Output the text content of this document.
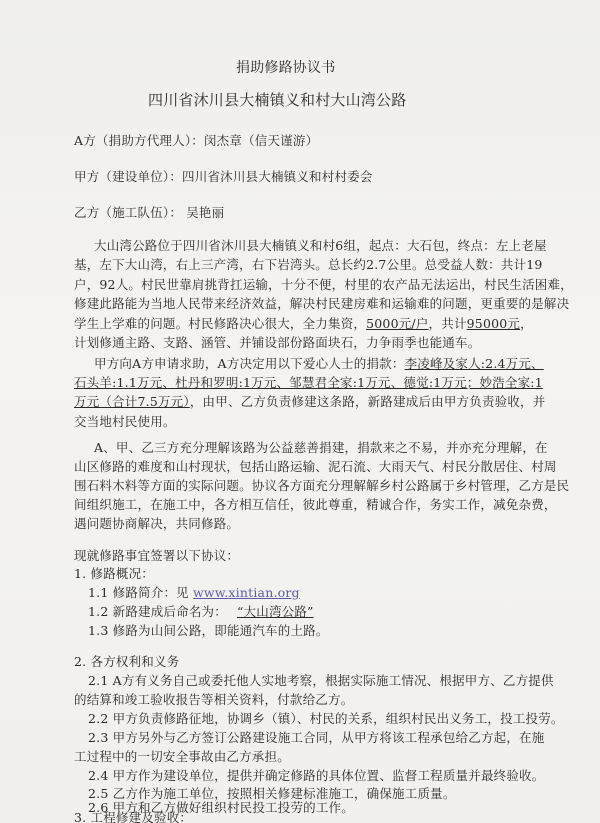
捐助修路协议书
四川省沐川县大楠镇义和村大山湾公路
A方（捐助方代理人）：闵杰章（信天谨游）
甲方（建设单位）：四川省沐川县大楠镇义和村村委会
乙方（施工队伍）： 吴艳丽
大山湾公路位于四川省沐川县大楠镇义和村6组，起点：大石包，终点：左上老屋
基，左下大山湾，右上三产湾，右下岩湾头。总长约2.7公里。总受益人数：共计19
户，92人。村民世靠肩挑背扛运输，十分不便，村里的农产品无法运出，村民生活困难，
修建此路能为当地人民带来经济效益，解决村民建房难和运输难的问题，更重要的是解决
学生上学难的问题。村民修路决心很大，全力集资，5000元/户，共计95000元，
计划修通主路、支路、涵管、并铺设部份路面块石，力争雨季也能通车。
甲方向A方申请求助，A方决定用以下爱心人士的捐款：李凌峰及家人:2.4万元、
石头羊:1.1万元、杜丹和罗明:1万元、邹慧君全家:1万元、德觉:1万元；妙浩全家:1
万元（合计7.5万元），由甲、乙方负责修建这条路，新路建成后由甲方负责验收，并
交当地村民使用。
A、甲、乙三方充分理解该路为公益慈善捐建，捐款来之不易，并亦充分理解，在
山区修路的难度和山村现状，包括山路运输、泥石流、大雨天气、村民分散居住、村周
围石料木料等方面的实际问题。协议各方面充分理解解乡村公路属于乡村管理，乙方是民
间组织施工，在施工中，各方相互信任，彼此尊重，精诚合作，务实工作，减免杂费，
遇问题协商解决，共同修路。
现就修路事宜签署以下协议：
1. 修路概况：
1.1 修路简介：见 www.xintian.org
1.2 新路建成后命名为： “大山湾公路”
1.3 修路为山间公路，即能通汽车的土路。
2. 各方权利和义务
2.1 A方有义务自己或委托他人实地考察，根据实际施工情况、根据甲方、乙方提供
的结算和竣工验收报告等相关资料，付款给乙方。
2.2 甲方负责修路征地，协调乡（镇）、村民的关系，组织村民出义务工，投工投劳。
2.3 甲方另外与乙方签订公路建设施工合同，从甲方将该工程承包给乙方起，在施
工过程中的一切安全事故由乙方承担。
2.4 甲方作为建设单位，提供并确定修路的具体位置、监督工程质量并最终验收。
2.5 乙方作为施工单位，按照相关修建标准施工，确保施工质量。
2.6 甲方和乙方做好组织村民投工投劳的工作。
3. 工程修建及验收：
